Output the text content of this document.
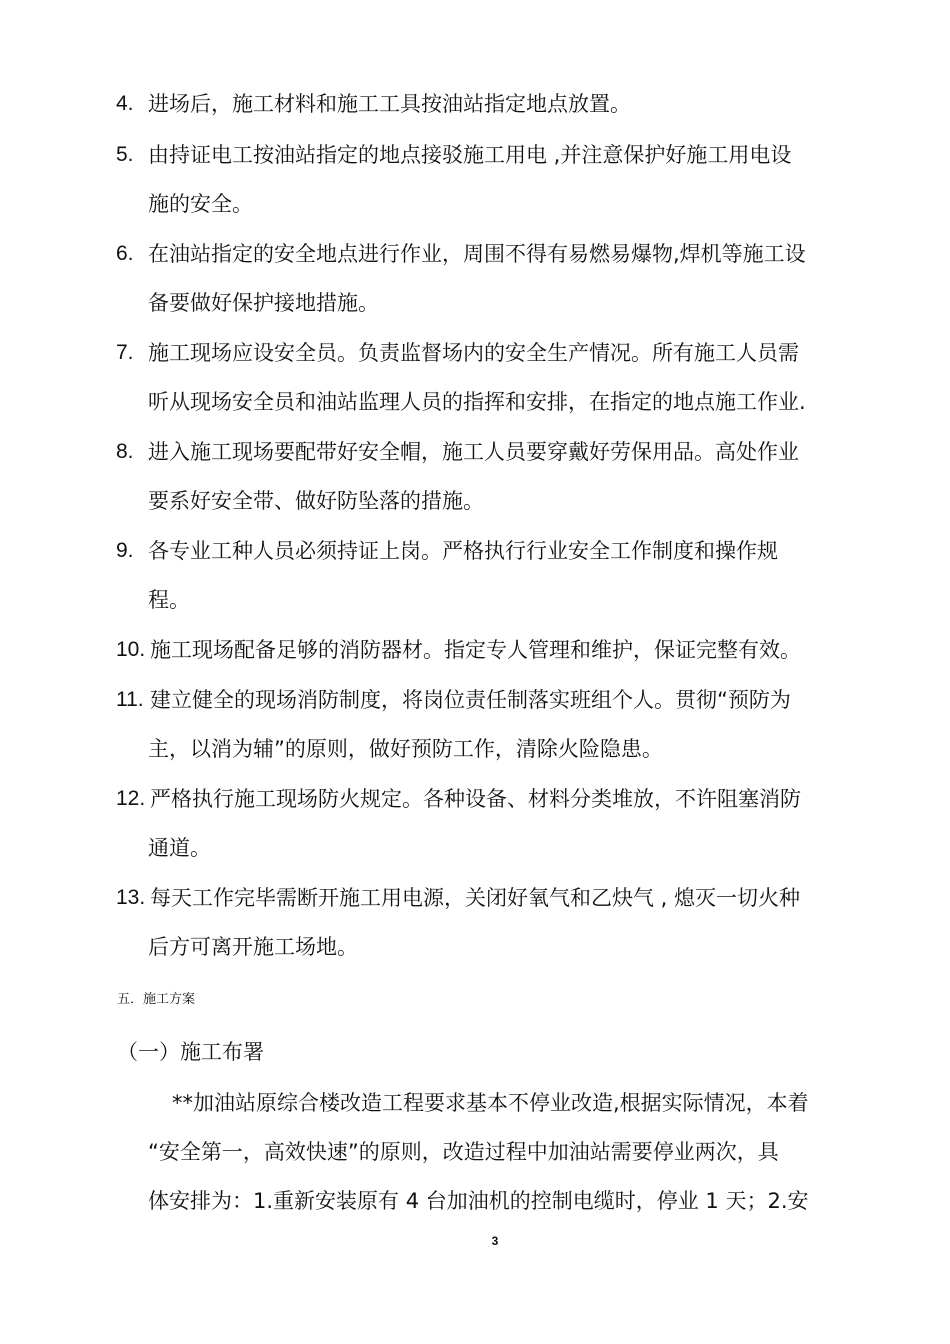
4. 进场后，施工材料和施工工具按油站指定地点放置。
5. 由持证电工按油站指定的地点接驳施工用电 ,并注意保护好施工用电设
施的安全。
6. 在油站指定的安全地点进行作业，周围不得有易燃易爆物,焊机等施工设
备要做好保护接地措施。
7. 施工现场应设安全员。负责监督场内的安全生产情况。所有施工人员需
听从现场安全员和油站监理人员的指挥和安排，在指定的地点施工作业.
8. 进入施工现场要配带好安全帽，施工人员要穿戴好劳保用品。高处作业
要系好安全带、做好防坠落的措施。
9. 各专业工种人员必须持证上岗。严格执行行业安全工作制度和操作规
程。
10. 施工现场配备足够的消防器材。指定专人管理和维护，保证完整有效。
11. 建立健全的现场消防制度，将岗位责任制落实班组个人。贯彻“预防为
主，以消为辅”的原则，做好预防工作，清除火险隐患。
12. 严格执行施工现场防火规定。各种设备、材料分类堆放，不许阻塞消防
通道。
13. 每天工作完毕需断开施工用电源，关闭好氧气和乙炔气 , 熄灭一切火种
后方可离开施工场地。
五．施工方案
（一）施工布署
**加油站原综合楼改造工程要求基本不停业改造,根据实际情况，本着
“安全第一，高效快速”的原则，改造过程中加油站需要停业两次，具
体安排为：1.重新安装原有 4 台加油机的控制电缆时，停业 1 天；2.安
3
